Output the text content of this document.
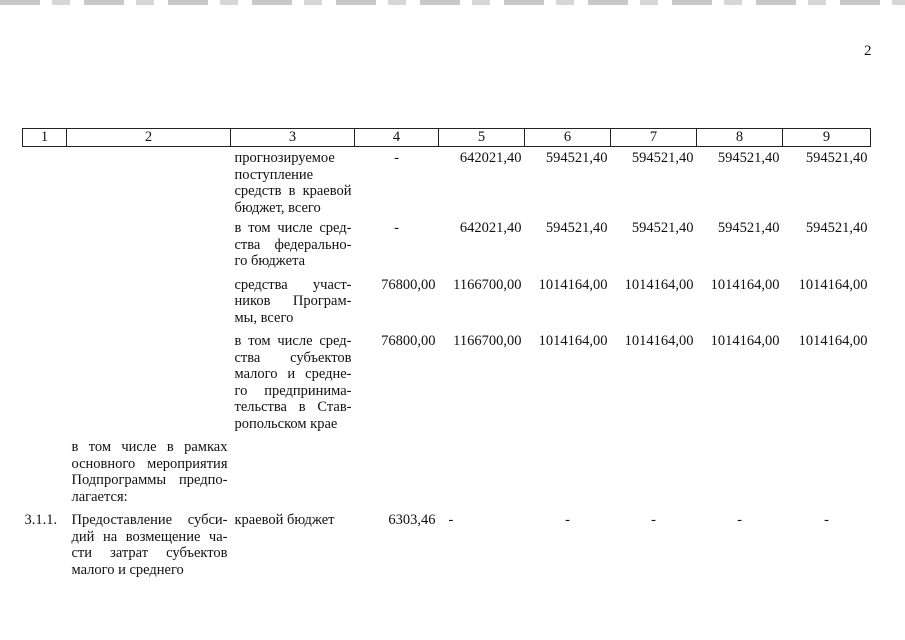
2
1	2	3	4	5	6	7	8	9
		прогнозируемое поступление средств в краевой бюджет, всего	-	642021,40	594521,40	594521,40	594521,40	594521,40
		в том числе сред-ства федерально-го бюджета	-	642021,40	594521,40	594521,40	594521,40	594521,40
		средства участ-ников Програм-мы, всего	76800,00	1166700,00	1014164,00	1014164,00	1014164,00	1014164,00
		в том числе сред-ства субъектов малого и средне-го предпринима-тельства в Став-ропольском крае	76800,00	1166700,00	1014164,00	1014164,00	1014164,00	1014164,00
	в том числе в рамках основного мероприятия Подпрограммы предпо-лагается:							
3.1.1.	Предоставление субси-дий на возмещение ча-сти затрат субъектов малого и среднего	краевой бюджет	6303,46	-	-	-	-	-
